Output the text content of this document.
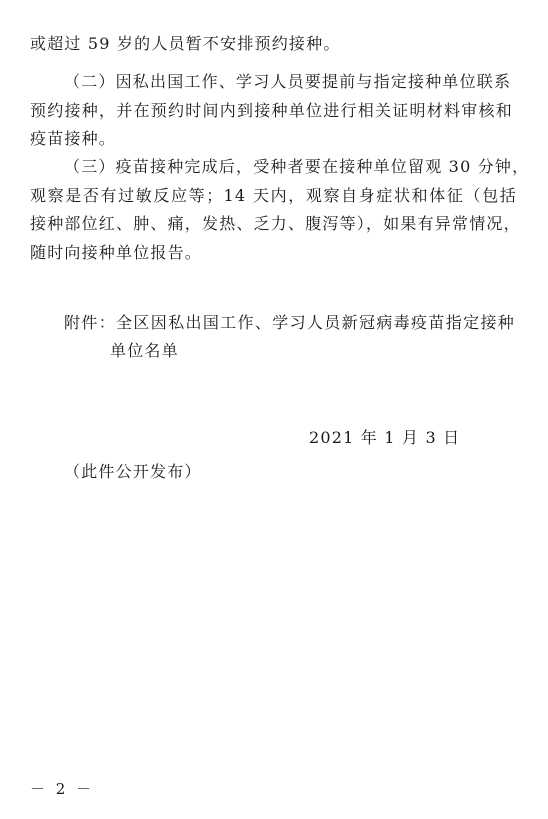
或超过 59 岁的人员暂不安排预约接种。
（二）因私出国工作、学习人员要提前与指定接种单位联系
预约接种，并在预约时间内到接种单位进行相关证明材料审核和
疫苗接种。
（三）疫苗接种完成后，受种者要在接种单位留观 30 分钟，
观察是否有过敏反应等；14 天内，观察自身症状和体征（包括
接种部位红、肿、痛，发热、乏力、腹泻等），如果有异常情况，
随时向接种单位报告。
附件：全区因私出国工作、学习人员新冠病毒疫苗指定接种
单位名单
2021 年 1 月 3 日
（此件公开发布）
－ 2 －
